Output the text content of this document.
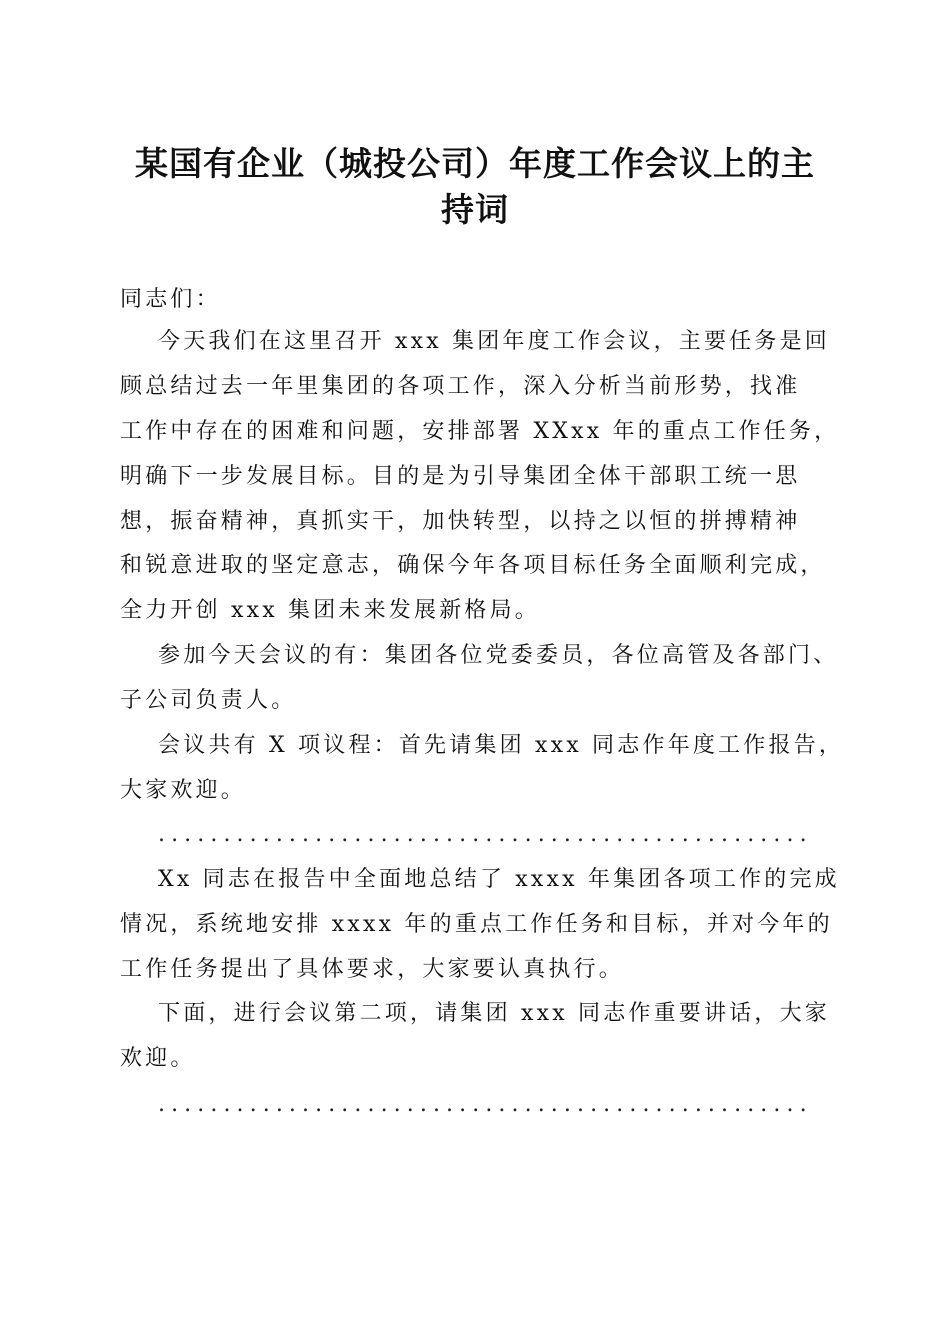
某国有企业（城投公司）年度工作会议上的主
持词
同志们：
今天我们在这里召开 xxx 集团年度工作会议，主要任务是回
顾总结过去一年里集团的各项工作，深入分析当前形势，找准
工作中存在的困难和问题，安排部署 XXxx 年的重点工作任务，
明确下一步发展目标。目的是为引导集团全体干部职工统一思
想，振奋精神，真抓实干，加快转型，以持之以恒的拼搏精神
和锐意进取的坚定意志，确保今年各项目标任务全面顺利完成，
全力开创 xxx 集团未来发展新格局。
参加今天会议的有：集团各位党委委员，各位高管及各部门、
子公司负责人。
会议共有 X 项议程：首先请集团 xxx 同志作年度工作报告，
大家欢迎。
..................................................
Xx 同志在报告中全面地总结了 xxxx 年集团各项工作的完成
情况，系统地安排 xxxx 年的重点工作任务和目标，并对今年的
工作任务提出了具体要求，大家要认真执行。
下面，进行会议第二项，请集团 xxx 同志作重要讲话，大家
欢迎。
..................................................
